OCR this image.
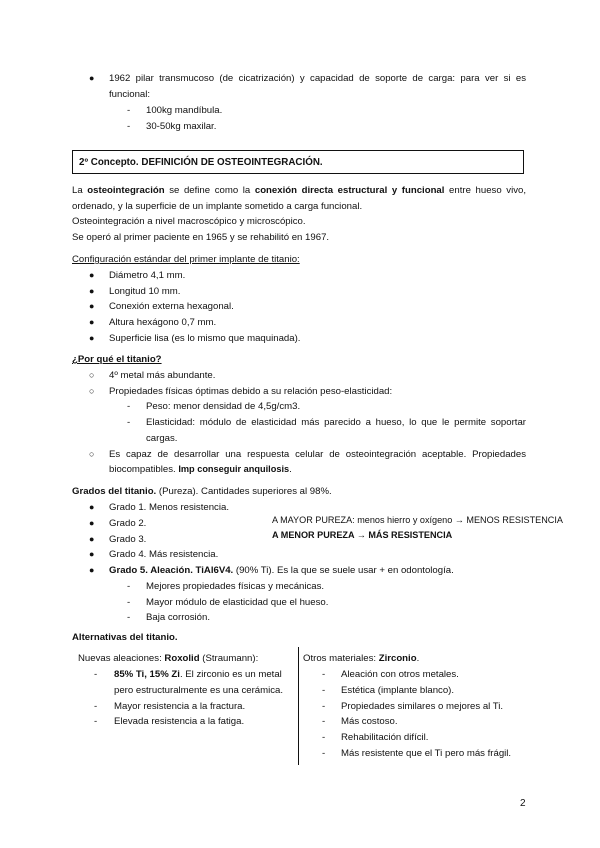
● 1962 pilar transmucoso (de cicatrización) y capacidad de soporte de carga: para ver si es
funcional:
- 100kg mandíbula.
- 30-50kg maxilar.
2º Concepto. DEFINICIÓN DE OSTEOINTEGRACIÓN.
La osteointegración se define como la conexión directa estructural y funcional entre hueso vivo,
ordenado, y la superficie de un implante sometido a carga funcional.
Osteointegración a nivel macroscópico y microscópico.
Se operó al primer paciente en 1965 y se rehabilitó en 1967.
Configuración estándar del primer implante de titanio:
● Diámetro 4,1 mm.
● Longitud 10 mm.
● Conexión externa hexagonal.
● Altura hexágono 0,7 mm.
● Superficie lisa (es lo mismo que maquinada).
¿Por qué el titanio?
○ 4º metal más abundante.
○ Propiedades físicas óptimas debido a su relación peso-elasticidad:
- Peso: menor densidad de 4,5g/cm3.
- Elasticidad: módulo de elasticidad más parecido a hueso, lo que le permite soportar
cargas.
○ Es capaz de desarrollar una respuesta celular de osteointegración aceptable. Propiedades
biocompatibles. Imp conseguir anquilosis.
Grados del titanio. (Pureza). Cantidades superiores al 98%.
● Grado 1. Menos resistencia.
● Grado 2.
● Grado 3.
● Grado 4. Más resistencia.
● Grado 5. Aleación. TiAl6V4. (90% Ti). Es la que se suele usar + en odontología.
- Mejores propiedades físicas y mecánicas.
- Mayor módulo de elasticidad que el hueso.
- Baja corrosión.
A MAYOR PUREZA: menos hierro y oxígeno → MENOS RESISTENCIA
A MENOR PUREZA → MÁS RESISTENCIA
Alternativas del titanio.
Nuevas aleaciones: Roxolid (Straumann):
- 85% Ti, 15% Zi. El zirconio es un metal
pero estructuralmente es una cerámica.
- Mayor resistencia a la fractura.
- Elevada resistencia a la fatiga.
Otros materiales: Zirconio.
- Aleación con otros metales.
- Estética (implante blanco).
- Propiedades similares o mejores al Ti.
- Más costoso.
- Rehabilitación difícil.
- Más resistente que el Ti pero más frágil.
2
